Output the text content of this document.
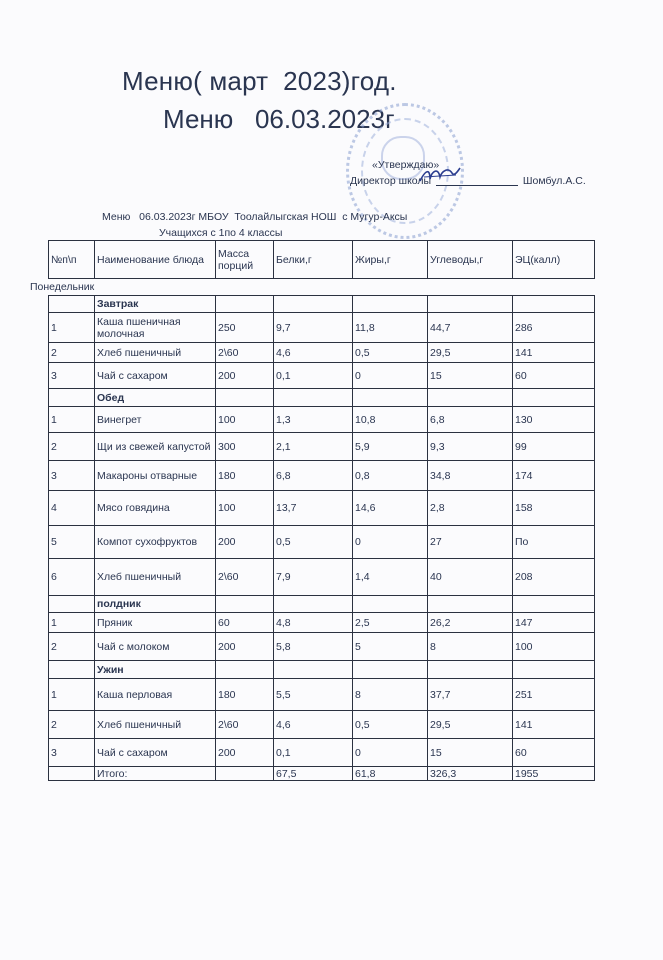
Меню( март  2023)год.
Меню   06.03.2023г
«Утверждаю»
Директор школы	Шомбул.А.С.
Меню   06.03.2023г МБОУ  Тоолайлыгская НОШ  с Мугур-Аксы
Учащихся с 1по 4 классы
№п\п	Наименование блюда	Масса порций	Белки,г	Жиры,г	Углеводы,г	ЭЦ(калл)
Понедельник
	Завтрак					
1	Каша пшеничная молочная	250	9,7	11,8	44,7	286
2	Хлеб пшеничный	2\60	4,6	0,5	29,5	141
3	Чай с сахаром	200	0,1	0	15	60
	Обед					
1	Винегрет	100	1,3	10,8	6,8	130
2	Щи из свежей капустой	300	2,1	5,9	9,3	99
3	Макароны отварные	180	6,8	0,8	34,8	174
4	Мясо говядина	100	13,7	14,6	2,8	158
5	Компот сухофруктов	200	0,5	0	27	По
6	Хлеб пшеничный	2\60	7,9	1,4	40	208
	полдник					
1	Пряник	60	4,8	2,5	26,2	147
2	Чай с молоком	200	5,8	5	8	100
	Ужин					
1	Каша перловая	180	5,5	8	37,7	251
2	Хлеб пшеничный	2\60	4,6	0,5	29,5	141
3	Чай с сахаром	200	0,1	0	15	60
	Итого:		67,5	61,8	326,3	1955
